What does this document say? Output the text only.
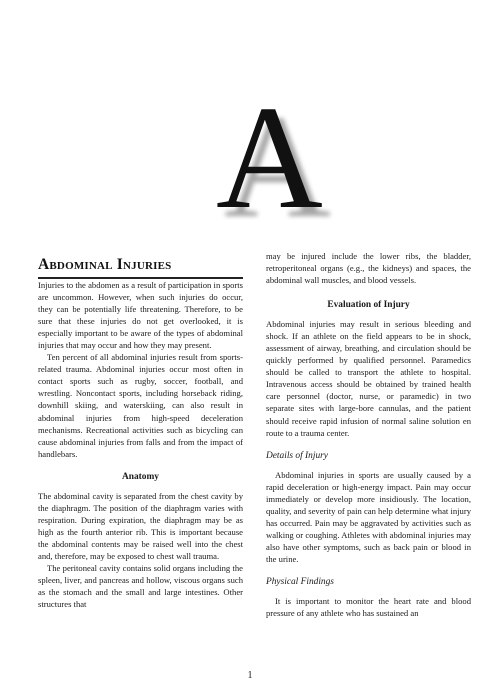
A
Abdominal Injuries

Injuries to the abdomen as a result of participation in sports are uncommon. However, when such injuries do occur, they can be potentially life threatening. Therefore, to be sure that these injuries do not get overlooked, it is especially important to be aware of the types of abdominal injuries that may occur and how they may present.

Ten percent of all abdominal injuries result from sports-related trauma. Abdominal injuries occur most often in contact sports such as rugby, soccer, football, and wrestling. Noncontact sports, including horseback riding, downhill skiing, and waterskiing, can also result in abdominal injuries from high-speed deceleration mechanisms. Recreational activities such as bicycling can cause abdominal injuries from falls and from the impact of handlebars.

Anatomy

The abdominal cavity is separated from the chest cavity by the diaphragm. The position of the diaphragm varies with respiration. During expiration, the diaphragm may be as high as the fourth anterior rib. This is important because the abdominal contents may be raised well into the chest and, therefore, may be exposed to chest wall trauma.

The peritoneal cavity contains solid organs including the spleen, liver, and pancreas and hollow, viscous organs such as the stomach and the small and large intestines. Other structures that

may be injured include the lower ribs, the bladder, retroperitoneal organs (e.g., the kidneys) and spaces, the abdominal wall muscles, and blood vessels.

Evaluation of Injury

Abdominal injuries may result in serious bleeding and shock. If an athlete on the field appears to be in shock, assessment of airway, breathing, and circulation should be quickly performed by qualified personnel. Paramedics should be called to transport the athlete to hospital. Intravenous access should be obtained by trained health care personnel (doctor, nurse, or paramedic) in two separate sites with large-bore cannulas, and the patient should receive rapid infusion of normal saline solution en route to a trauma center.

Details of Injury

Abdominal injuries in sports are usually caused by a rapid deceleration or high-energy impact. Pain may occur immediately or develop more insidiously. The location, quality, and severity of pain can help determine what injury has occurred. Pain may be aggravated by activities such as walking or coughing. Athletes with abdominal injuries may also have other symptoms, such as back pain or blood in the urine.

Physical Findings

It is important to monitor the heart rate and blood pressure of any athlete who has sustained an

1
